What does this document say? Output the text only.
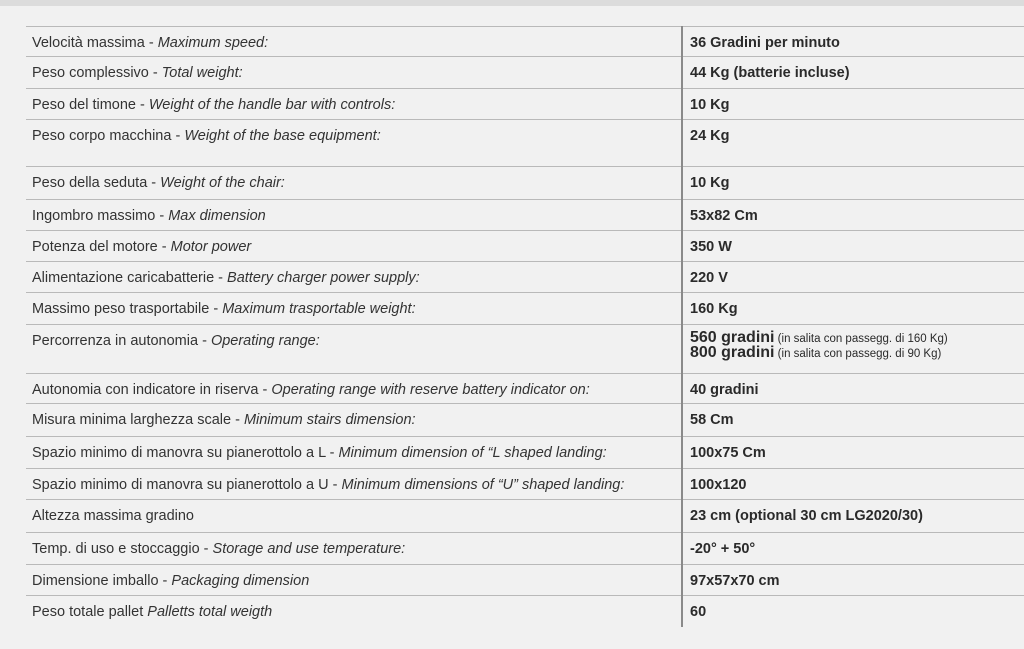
Velocità massima - Maximum speed:	36 Gradini per minuto
Peso complessivo - Total weight:	44 Kg (batterie incluse)
Peso del timone - Weight of the handle bar with controls:	10 Kg
Peso corpo macchina - Weight of the base equipment:	24 Kg
Peso della seduta - Weight of the chair:	10 Kg
Ingombro massimo - Max dimension	53x82 Cm
Potenza del motore - Motor power	350 W
Alimentazione caricabatterie - Battery charger power supply:	220 V
Massimo peso trasportabile - Maximum trasportable weight:	160 Kg
Percorrenza in autonomia - Operating range:	560 gradini (in salita con passegg. di 160 Kg)
800 gradini (in salita con passegg. di 90 Kg)

Autonomia con indicatore in riserva - Operating range with reserve battery indicator on:	40 gradini
Misura minima larghezza scale - Minimum stairs dimension:	58 Cm
Spazio minimo di manovra su pianerottolo a L - Minimum dimension of “L shaped landing:	100x75 Cm
Spazio minimo di manovra su pianerottolo a U - Minimum dimensions of “U” shaped landing:	100x120
Altezza massima gradino	23 cm (optional 30 cm LG2020/30)
Temp. di uso e stoccaggio - Storage and use temperature:	-20° + 50°
Dimensione imballo - Packaging dimension	97x57x70 cm
Peso totale pallet Palletts total weigth	60
